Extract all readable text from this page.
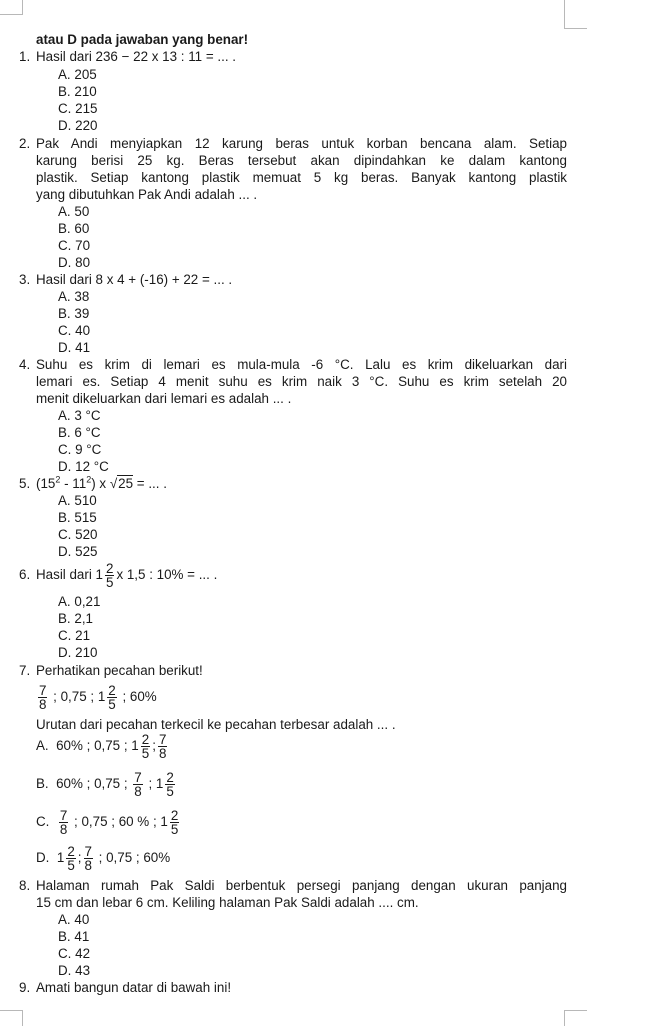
atau D pada jawaban yang benar!
1. Hasil dari 236 − 22 x 13 : 11 = ... .
A. 205
B. 210
C. 215
D. 220
2. Pak Andi menyiapkan 12 karung beras untuk korban bencana alam. Setiap
karung berisi 25 kg. Beras tersebut akan dipindahkan ke dalam kantong
plastik. Setiap kantong plastik memuat 5 kg beras. Banyak kantong plastik
yang dibutuhkan Pak Andi adalah ... .
A. 50
B. 60
C. 70
D. 80
3. Hasil dari 8 x 4 + (-16) + 22 = ... .
A. 38
B. 39
C. 40
D. 41
4. Suhu es krim di lemari es mula-mula -6 °C. Lalu es krim dikeluarkan dari
lemari es. Setiap 4 menit suhu es krim naik 3 °C. Suhu es krim setelah 20
menit dikeluarkan dari lemari es adalah ... .
A. 3 °C
B. 6 °C
C. 9 °C
D. 12 °C
5. $(15^2 - 11^2)$ x √25 = ... .
A. 510
B. 515
C. 520
D. 525
6. Hasil dari $1 \frac{2}{5}$ x 1,5 : 10% = ... .
A. 0,21
B. 2,1
C. 21
D. 210
7. Perhatikan pecahan berikut!
$\frac{7}{8}$ ; 0,75 ; $1 \frac{2}{5}$ ; 60%
Urutan dari pecahan terkecil ke pecahan terbesar adalah ... .
A. 60% ; 0,75 ; $1 \frac{2}{5}$ ; $\frac{7}{8}$
B. 60% ; 0,75 ; $\frac{7}{8}$ ; $1 \frac{2}{5}$
C. $\frac{7}{8}$ ; 0,75 ; 60 % ; $1 \frac{2}{5}$
D. $1 \frac{2}{5}$ ; $\frac{7}{8}$ ; 0,75 ; 60%
8. Halaman rumah Pak Saldi berbentuk persegi panjang dengan ukuran panjang
15 cm dan lebar 6 cm. Keliling halaman Pak Saldi adalah .... cm.
A. 40
B. 41
C. 42
D. 43
9. Amati bangun datar di bawah ini!
